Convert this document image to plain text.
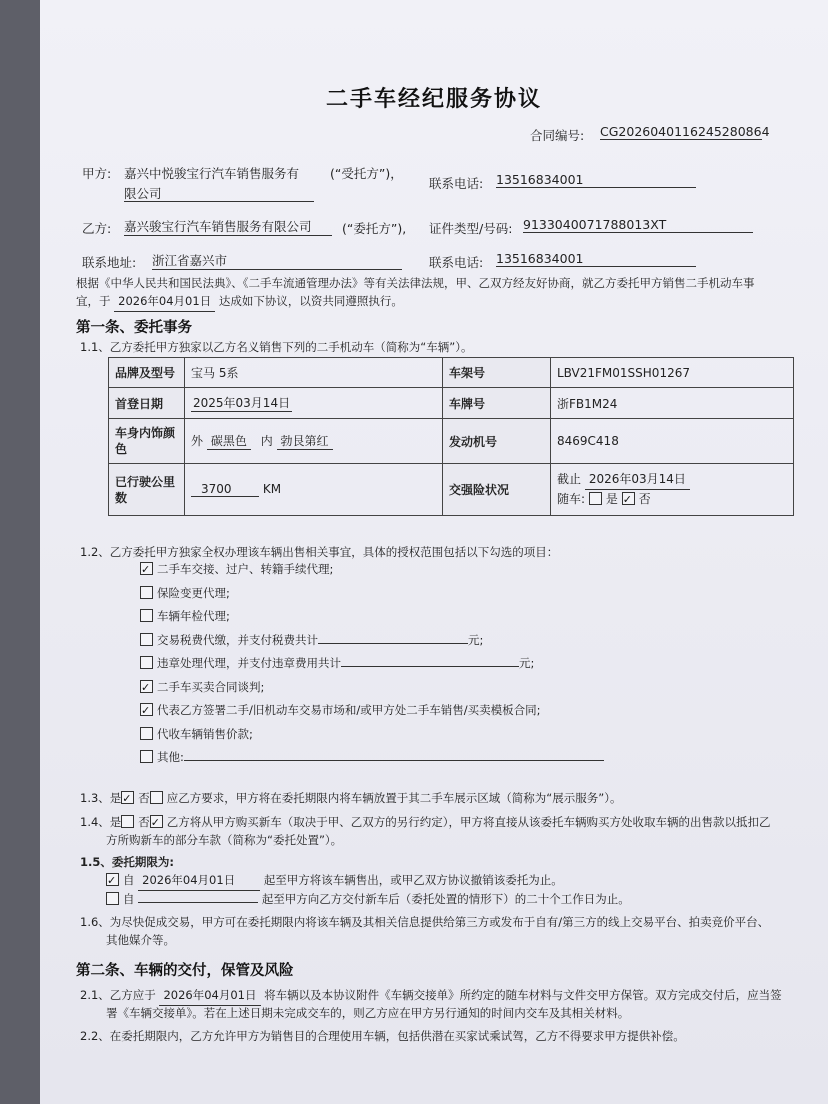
二手车经纪服务协议
合同编号: CG2026040116245280864
甲方: 嘉兴中悦骏宝行汽车销售服务有
限公司
(“受托方”)，
联系电话: 13516834001
乙方: 嘉兴骏宝行汽车销售服务有限公司	(“委托方”), 证件类型/号码: 9133040071788013XT
联系地址: 浙江省嘉兴市	联系电话: 13516834001
根据《中华人民共和国民法典》、《二手车流通管理办法》等有关法律法规，甲、乙双方经友好协商，就乙方委托甲方销售二手机动车事
宜，于 2026年04月01日 达成如下协议，以资共同遵照执行。
第一条、委托事务
1.1、乙方委托甲方独家以乙方名义销售下列的二手机动车（简称为“车辆”）。
品牌及型号	宝马 5系	车架号	LBV21FM01SSH01267
首登日期	2025年03月14日	车牌号	浙FB1M24
车身内饰颜色	外 碳黑色 内 勃艮第红	发动机号	8469C418
已行驶公里数	3700 KM	交强险状况	截止 2026年03月14日
随车: 是 ✓ 否
1.2、乙方委托甲方独家全权办理该车辆出售相关事宜，具体的授权范围包括以下勾选的项目：
✓二手车交接、过户、转籍手续代理;
保险变更代理;
车辆年检代理;
交易税费代缴，并支付税费共计	元;
违章处理代理，并支付违章费用共计	元;
✓二手车买卖合同谈判;
✓代表乙方签署二手/旧机动车交易市场和/或甲方处二手车销售/买卖模板合同;
代收车辆销售价款;
其他:
1.3、是 ✓ 否 应乙方要求，甲方将在委托期限内将车辆放置于其二手车展示区域（简称为“展示服务”）。
1.4、是 否 ✓ 乙方将从甲方购买新车（取决于甲、乙双方的另行约定），甲方将直接从该委托车辆购买方处收取车辆的出售款以抵扣乙
方所购新车的部分车款（简称为“委托处置”）。
1.5、委托期限为:
✓自 2026年04月01日 起至甲方将该车辆售出，或甲乙双方协议撤销该委托为止。
自	起至甲方向乙方交付新车后（委托处置的情形下）的二十个工作日为止。
1.6、为尽快促成交易，甲方可在委托期限内将该车辆及其相关信息提供给第三方或发布于自有/第三方的线上交易平台、拍卖竞价平台、
其他媒介等。
第二条、车辆的交付，保管及风险
2.1、乙方应于 2026年04月01日 将车辆以及本协议附件《车辆交接单》所约定的随车材料与文件交甲方保管。双方完成交付后，应当签
署《车辆交接单》。若在上述日期未完成交车的，则乙方应在甲方另行通知的时间内交车及其相关材料。
2.2、在委托期限内，乙方允许甲方为销售目的合理使用车辆，包括供潜在买家试乘试驾，乙方不得要求甲方提供补偿。
